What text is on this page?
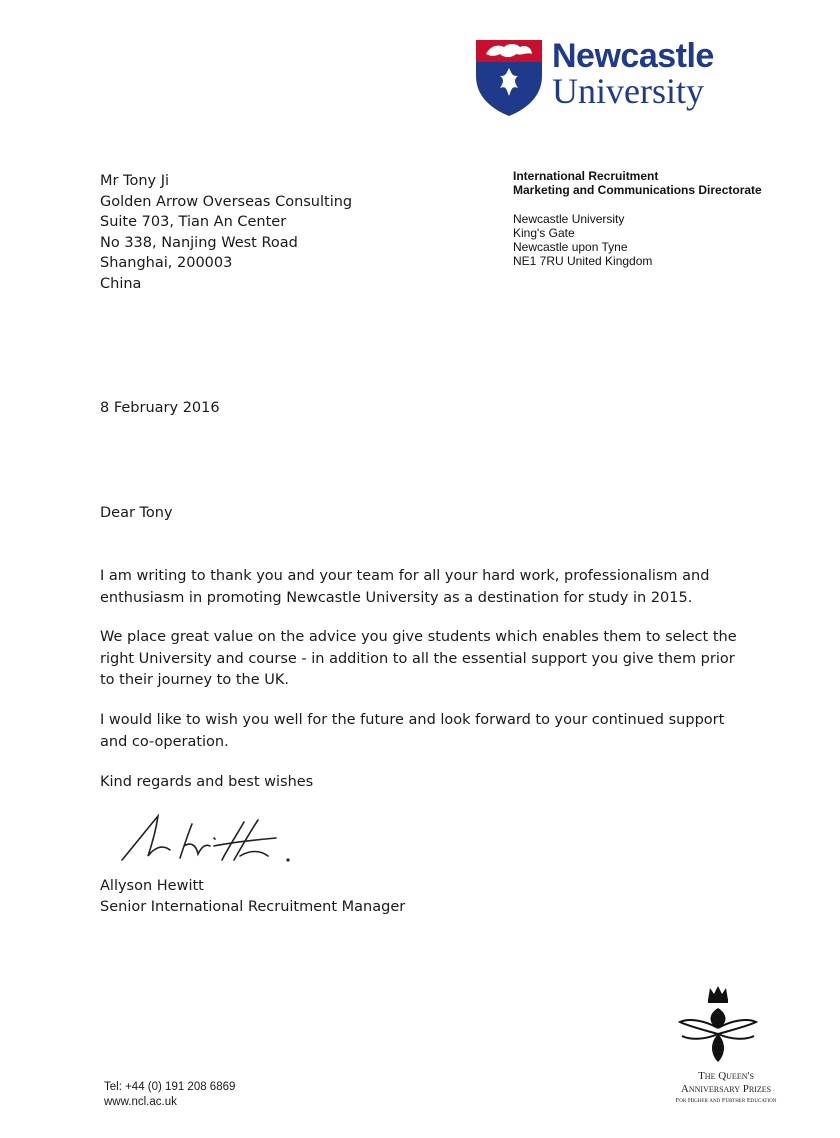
Newcastle
University
International Recruitment
Marketing and Communications Directorate
Newcastle University
King's Gate
Newcastle upon Tyne
NE1 7RU United Kingdom
Mr Tony Ji
Golden Arrow Overseas Consulting
Suite 703, Tian An Center
No 338, Nanjing West Road
Shanghai, 200003
China
8 February 2016
Dear Tony

I am writing to thank you and your team for all your hard work, professionalism and enthusiasm in promoting Newcastle University as a destination for study in 2015.

We place great value on the advice you give students which enables them to select the right University and course - in addition to all the essential support you give them prior to their journey to the UK.

I would like to wish you well for the future and look forward to your continued support and co-operation.

Kind regards and best wishes
Allyson Hewitt
Senior International Recruitment Manager
Tel: +44 (0) 191 208 6869
www.ncl.ac.uk
The Queen's
Anniversary Prizes
For Higher and Further Education
